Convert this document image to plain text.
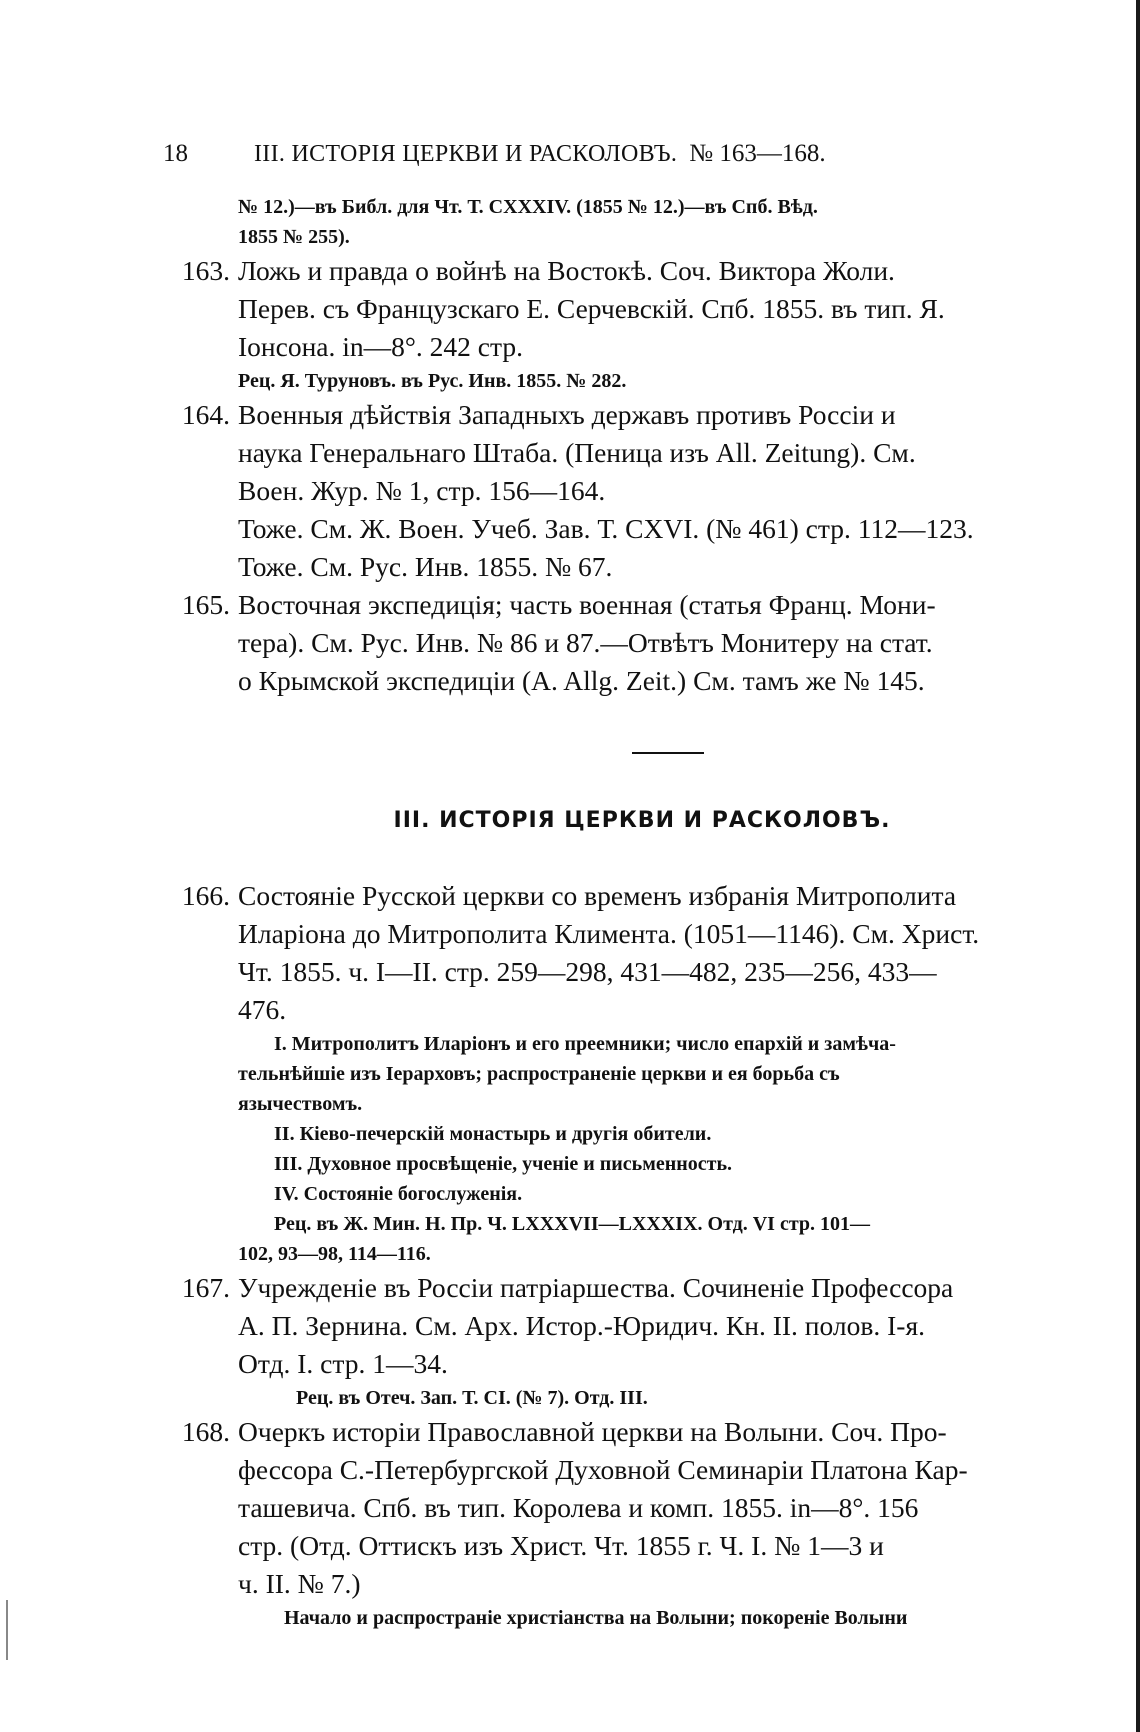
18	III. ИСТОРІЯ ЦЕРКВИ И РАСКОЛОВЪ. № 163—168.
№ 12.)—въ Библ. для Чт. Т. CXXXIV. (1855 № 12.)—въ Спб. Вѣд.
1855 № 255).
163. Ложь и правда о войнѣ на Востокѣ. Соч. Виктора Жоли.
Перев. съ Французскаго Е. Серчевскій. Спб. 1855. въ тип. Я.
Іонсона. in—8°. 242 стр.
Рец. Я. Туруновъ. въ Рус. Инв. 1855. № 282.
164. Военныя дѣйствія Западныхъ державъ противъ Россіи и
наука Генеральнаго Штаба. (Пеница изъ All. Zeitung). См.
Воен. Жур. № 1, стр. 156—164.
Тоже. См. Ж. Воен. Учеб. Зав. Т. CXVI. (№ 461) стр. 112—123.
Тоже. См. Рус. Инв. 1855. № 67.
165. Восточная экспедиція; часть военная (статья Франц. Мони-
тера). См. Рус. Инв. № 86 и 87.—Отвѣтъ Монитеру на стат.
о Крымской экспедиціи (A. Allg. Zeit.) См. тамъ же № 145.
III. ИСТОРІЯ ЦЕРКВИ И РАСКОЛОВЪ.
166. Состояніе Русской церкви со временъ избранія Митрополита
Иларіона до Митрополита Климента. (1051—1146). См. Христ.
Чт. 1855. ч. I—II. стр. 259—298, 431—482, 235—256, 433—
476.
I. Митрополитъ Иларіонъ и его преемники; число епархій и замѣча-
тельнѣйшіе изъ Іерарховъ; распространеніе церкви и ея борьба съ
язычествомъ.
II. Кіево-печерскій монастырь и другія обители.
III. Духовное просвѣщеніе, ученіе и письменность.
IV. Состояніе богослуженія.
Рец. въ Ж. Мин. Н. Пр. Ч. LXXXVII—LXXXIX. Отд. VI стр. 101—
102, 93—98, 114—116.
167. Учрежденіе въ Россіи патріаршества. Сочиненіе Профессора
А. П. Зернина. См. Арх. Истор.-Юридич. Кн. II. полов. I-я.
Отд. I. стр. 1—34.
Рец. въ Отеч. Зап. Т. CI. (№ 7). Отд. III.
168. Очеркъ исторіи Православной церкви на Волыни. Соч. Про-
фессора С.-Петербургской Духовной Семинаріи Платона Кар-
ташевича. Спб. въ тип. Королева и комп. 1855. in—8°. 156
стр. (Отд. Оттискъ изъ Христ. Чт. 1855 г. Ч. I. № 1—3 и
ч. II. № 7.)
Начало и распространіе христіанства на Волыни; покореніе Волыни
